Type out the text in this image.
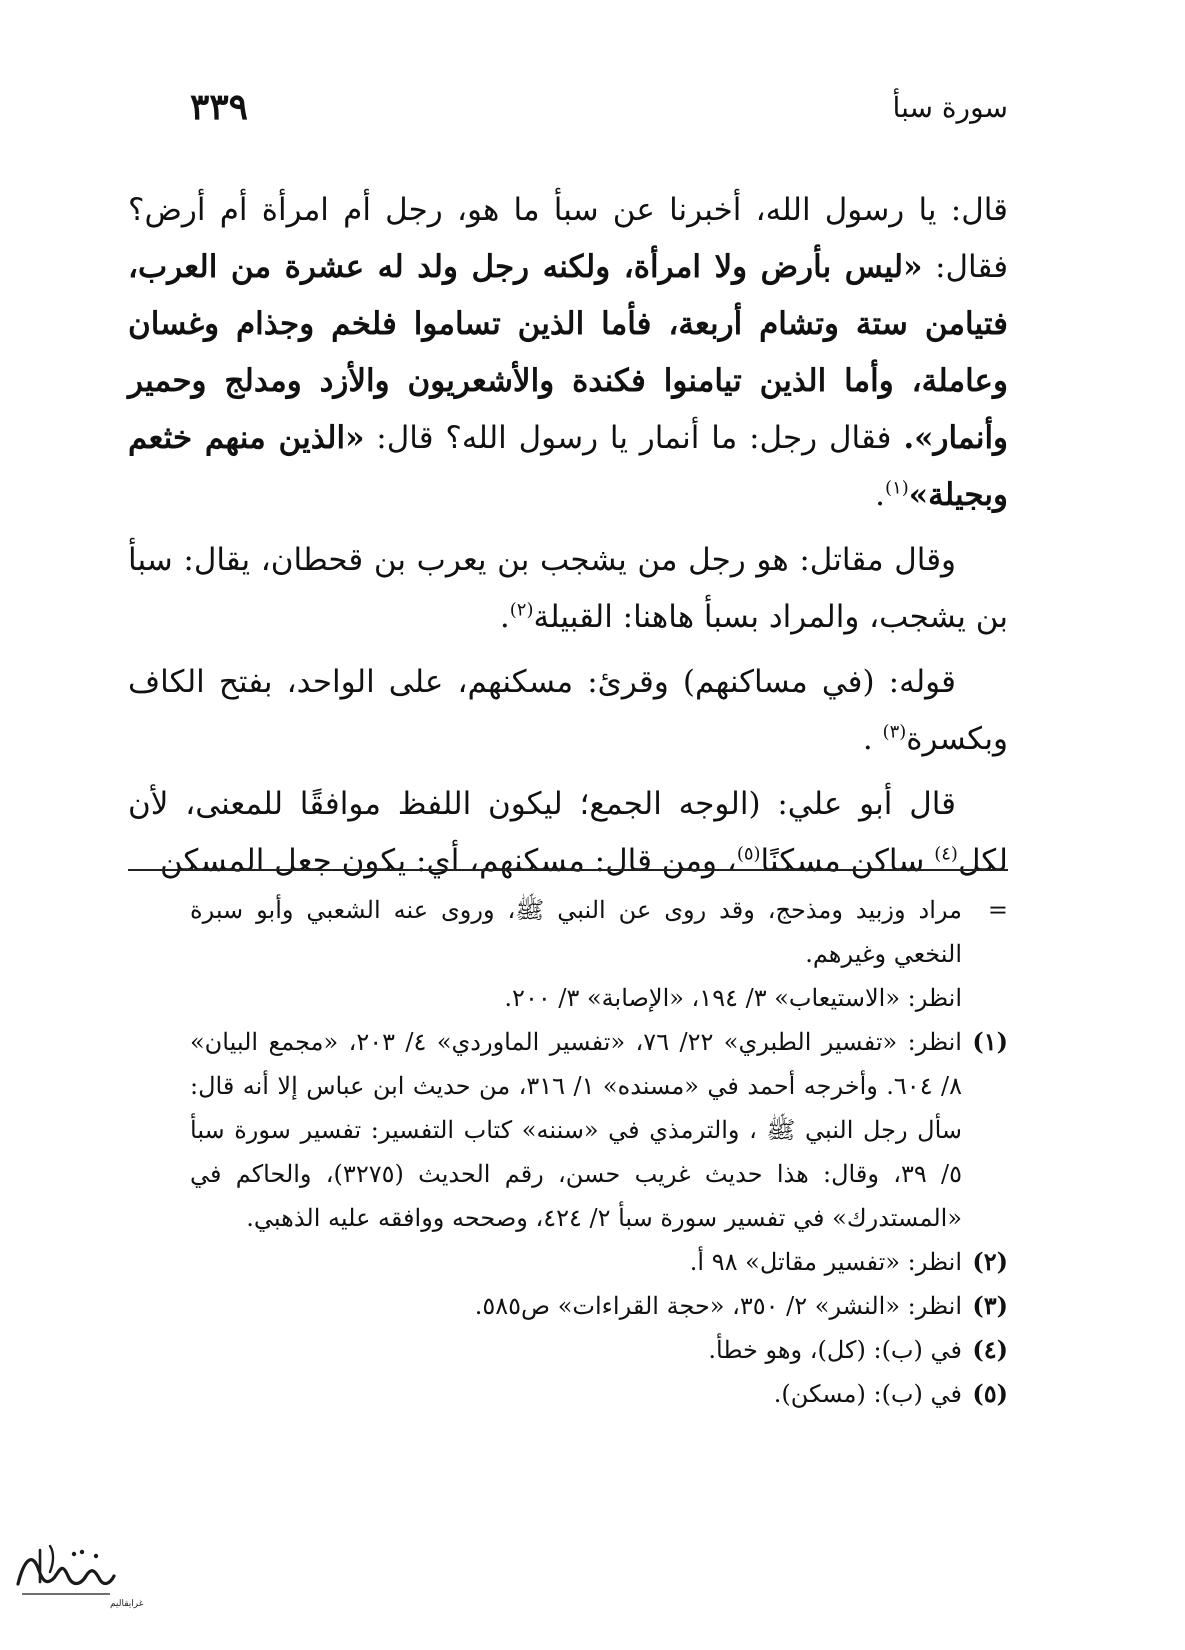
سورة سبأ
٣٣٩

قال: يا رسول الله، أخبرنا عن سبأ ما هو، رجل أم امرأة أم أرض؟ فقال: «ليس بأرض ولا امرأة، ولكنه رجل ولد له عشرة من العرب، فتيامن ستة وتشام أربعة، فأما الذين تساموا فلخم وجذام وغسان وعاملة، وأما الذين تيامنوا فكندة والأشعريون والأزد ومدلج وحمير وأنمار». فقال رجل: ما أنمار يا رسول الله؟ قال: «الذين منهم خثعم وبجيلة»$^{(١)}$.

وقال مقاتل: هو رجل من يشجب بن يعرب بن قحطان، يقال: سبأ بن يشجب، والمراد بسبأ هاهنا: القبيلة$^{(٢)}$.

قوله: (في مساكنهم) وقرئ: مسكنهم، على الواحد، بفتح الكاف وبكسرة$^{(٣)}$ .

قال أبو علي: (الوجه الجمع؛ ليكون اللفظ موافقًا للمعنى، لأن لكل$^{(٤)}$ ساكن مسكنًا$^{(٥)}$، ومن قال: مسكنهم، أي: يكون جعل المسكن

=

مراد وزبيد ومذحج، وقد روى عن النبي ﷺ، وروى عنه الشعبي وأبو سبرة النخعي وغيرهم.

انظر: «الاستيعاب» ٣/ ١٩٤، «الإصابة» ٣/ ٢٠٠.

(١)
انظر: «تفسير الطبري» ٢٢/ ٧٦، «تفسير الماوردي» ٤/ ٢٠٣، «مجمع البيان» ٨/ ٦٠٤. وأخرجه أحمد في «مسنده» ١/ ٣١٦، من حديث ابن عباس إلا أنه قال: سأل رجل النبي ﷺ ، والترمذي في «سننه» كتاب التفسير: تفسير سورة سبأ ٥/ ٣٩، وقال: هذا حديث غريب حسن، رقم الحديث (٣٢٧٥)، والحاكم في «المستدرك» في تفسير سورة سبأ ٢/ ٤٢٤، وصححه ووافقه عليه الذهبي.
(٢)
انظر: «تفسير مقاتل» ٩٨ أ.
(٣)
انظر: «النشر» ٢/ ٣٥٠، «حجة القراءات» ص٥٨٥.
(٤)
في (ب): (كل)، وهو خطأ.
(٥)
في (ب): (مسكن).
غرايقاليم
